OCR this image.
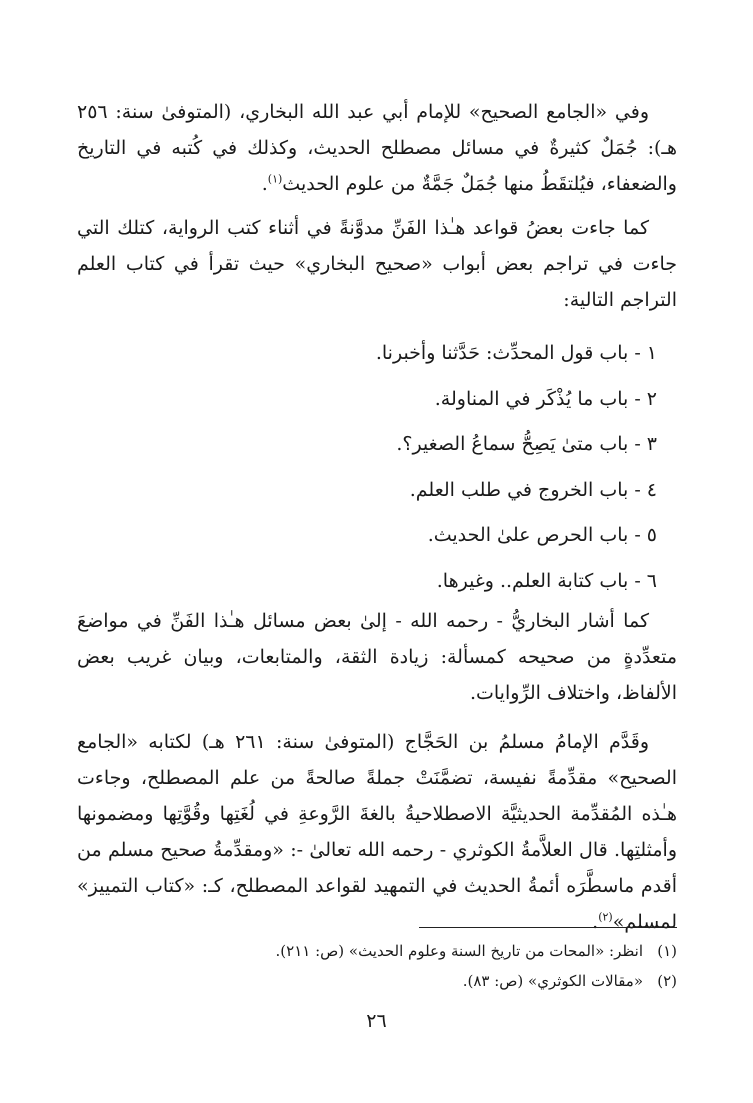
وفي «الجامع الصحيح» للإمام أبي عبد الله البخاري، (المتوفىٰ سنة: ٢٥٦ هـ): جُمَلٌ كثيرةٌ في مسائل مصطلح الحديث، وكذلك في كُتبه في التاريخ والضعفاء، فيُلتقَطُ منها جُمَلٌ جَمَّةٌ من علوم الحديث$^{(١)}$.

كما جاءت بعضُ قواعد هـٰذا الفَنِّ مدوَّنةً في أثناء كتب الرواية، كتلك التي جاءت في تراجم بعض أبواب «صحيح البخاري» حيث تقرأ في كتاب العلم التراجم التالية:

١- باب قول المحدِّث: حَدَّثنا وأخبرنا.
٢- باب ما يُذْكَر في المناولة.
٣- باب متىٰ يَصِحُّ سماعُ الصغير؟.
٤- باب الخروج في طلب العلم.
٥- باب الحرص علىٰ الحديث.
٦- باب كتابة العلم.. وغيرها.

كما أشار البخاريُّ - رحمه الله - إلىٰ بعض مسائل هـٰذا الفَنِّ في مواضعَ متعدِّدةٍ من صحيحه كمسألة: زيادة الثقة، والمتابعات، وبيان غريب بعض الألفاظ، واختلاف الرِّوايات.

وقَدَّم الإمامُ مسلمُ بن الحَجَّاج (المتوفىٰ سنة: ٢٦١ هـ) لكتابه «الجامع الصحيح» مقدِّمةً نفيسة، تضمَّنَتْ جملةً صالحةً من علم المصطلح، وجاءت هـٰذه المُقدِّمة الحديثيَّة الاصطلاحيةُ بالغةَ الرَّوعةِ في لُغَتِها وقُوَّتِها ومضمونها وأمثلتِها. قال العلاَّمةُ الكوثري - رحمه الله تعالىٰ -: «ومقدِّمةُ صحيح مسلم من أقدم ماسطَّرَه أئمةُ الحديث في التمهيد لقواعد المصطلح، كـ: «كتاب التمييز» لمسلم»$^{(٢)}$.

(١)انظر: «المحات من تاريخ السنة وعلوم الحديث» (ص: ٢١١).
(٢)«مقالات الكوثري» (ص: ٨٣).
٢٦
